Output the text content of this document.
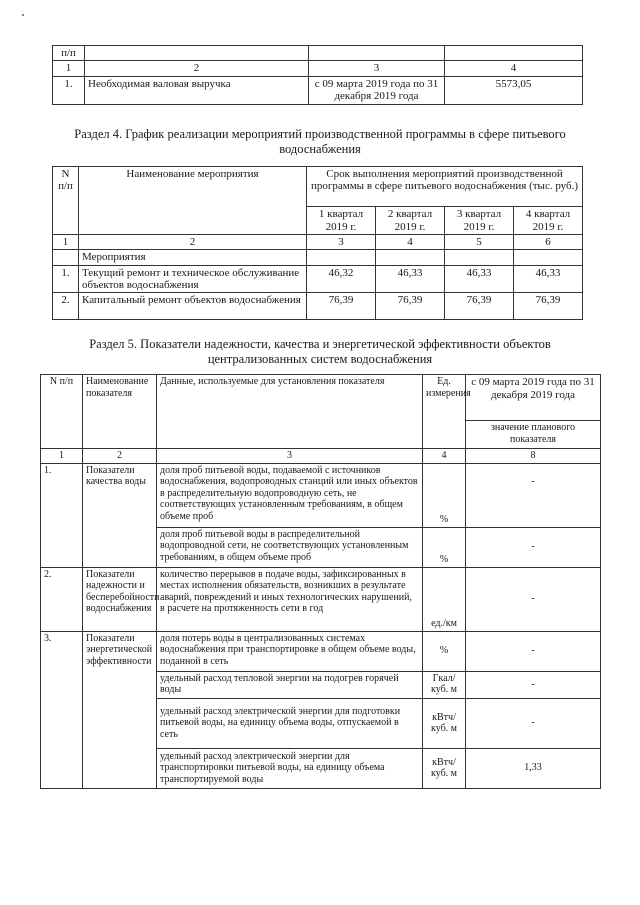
п/п			
1	2	3	4
1.	Необходимая валовая выручка	с 09 марта 2019 года по 31 декабря 2019 года	5573,05

Раздел 4. График реализации мероприятий производственной программы в сфере питьевого водоснабжения

N п/п	Наименование мероприятия	Срок выполнения мероприятий производственной программы в сфере питьевого водоснабжения (тыс. руб.)			
		1 квартал 2019 г.	2 квартал 2019 г.	3 квартал 2019 г.	4 квартал 2019 г.
1	2	3	4	5	6
	Мероприятия				
1.	Текущий ремонт и техническое обслуживание объектов водоснабжения	46,32	46,33	46,33	46,33
2.	Капитальный ремонт объектов водоснабжения	76,39	76,39	76,39	76,39

Раздел 5. Показатели надежности, качества и энергетической эффективности объектов централизованных систем водоснабжения

N п/п	Наименование показателя	Данные, используемые для установления показателя	Ед. измерения	с 09 марта 2019 года по 31 декабря 2019 года
				значение планового показателя
1	2	3	4	8
1.	Показатели качества воды	доля проб питьевой воды, подаваемой с источников водоснабжения, водопроводных станций или иных объектов в распределительную водопроводную сеть, не соответствующих установленным требованиям, в общем объеме проб	%	-
		доля проб питьевой воды в распределительной водопроводной сети, не соответствующих установленным требованиям, в общем объеме проб	%	-
2.	Показатели надежности и бесперебойности водоснабжения	количество перерывов в подаче воды, зафиксированных в местах исполнения обязательств, возникших в результате аварий, повреждений и иных технологических нарушений, в расчете на протяженность сети в год	ед./км	-
3.	Показатели энергетической эффективности	доля потерь воды в централизованных системах водоснабжения при транспортировке в общем объеме воды, поданной в сеть	%	-
		удельный расход тепловой энергии на подогрев горячей воды	Гкал/куб. м	-
		удельный расход электрической энергии для подготовки питьевой воды, на единицу объема воды, отпускаемой в сеть	кВтч/куб. м	-
		удельный расход электрической энергии для транспортировки питьевой воды, на единицу объема транспортируемой воды	кВтч/куб. м	1,33
